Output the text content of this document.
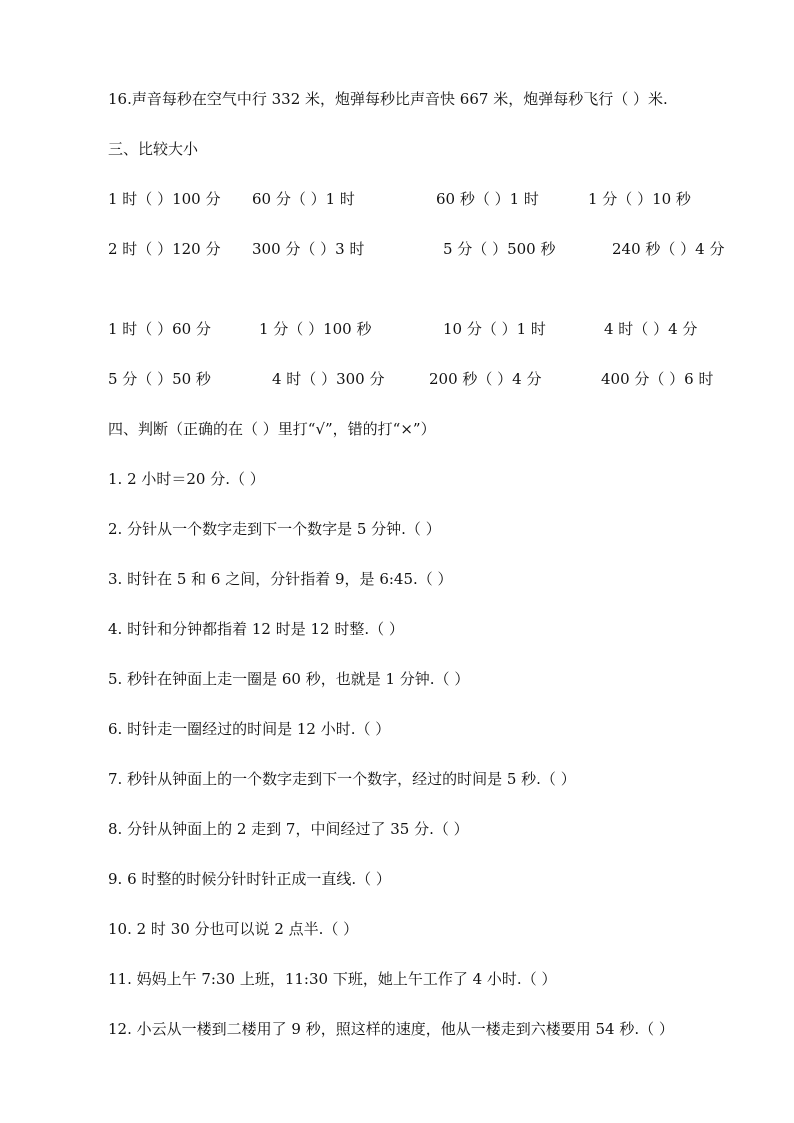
16.声音每秒在空气中行 332 米，炮弹每秒比声音快 667 米，炮弹每秒飞行（ ）米.
三、比较大小
1 时（ ）100 分 60 分（ ）1 时	60 秒（ ）1 时	1 分（ ）10 秒
2 时（ ）120 分 300 分（ ）3 时	5 分（ ）500 秒	240 秒（ ）4 分
1 时（ ）60 分	1 分（ ）100 秒	10 分（ ）1 时	4 时（ ）4 分
5 分（ ）50 秒	4 时（ ）300 分	200 秒（ ）4 分	400 分（ ）6 时
四、判断（正确的在（ ）里打“√”，错的打“×”）
1. 2 小时＝20 分.（ ）
2. 分针从一个数字走到下一个数字是 5 分钟.（ ）
3. 时针在 5 和 6 之间，分针指着 9，是 6:45.（ ）
4. 时针和分钟都指着 12 时是 12 时整.（ ）
5. 秒针在钟面上走一圈是 60 秒，也就是 1 分钟.（ ）
6. 时针走一圈经过的时间是 12 小时.（ ）
7. 秒针从钟面上的一个数字走到下一个数字，经过的时间是 5 秒.（ ）
8. 分针从钟面上的 2 走到 7，中间经过了 35 分.（ ）
9. 6 时整的时候分针时针正成一直线.（ ）
10. 2 时 30 分也可以说 2 点半.（ ）
11. 妈妈上午 7:30 上班，11:30 下班，她上午工作了 4 小时.（ ）
12. 小云从一楼到二楼用了 9 秒，照这样的速度，他从一楼走到六楼要用 54 秒.（ ）
